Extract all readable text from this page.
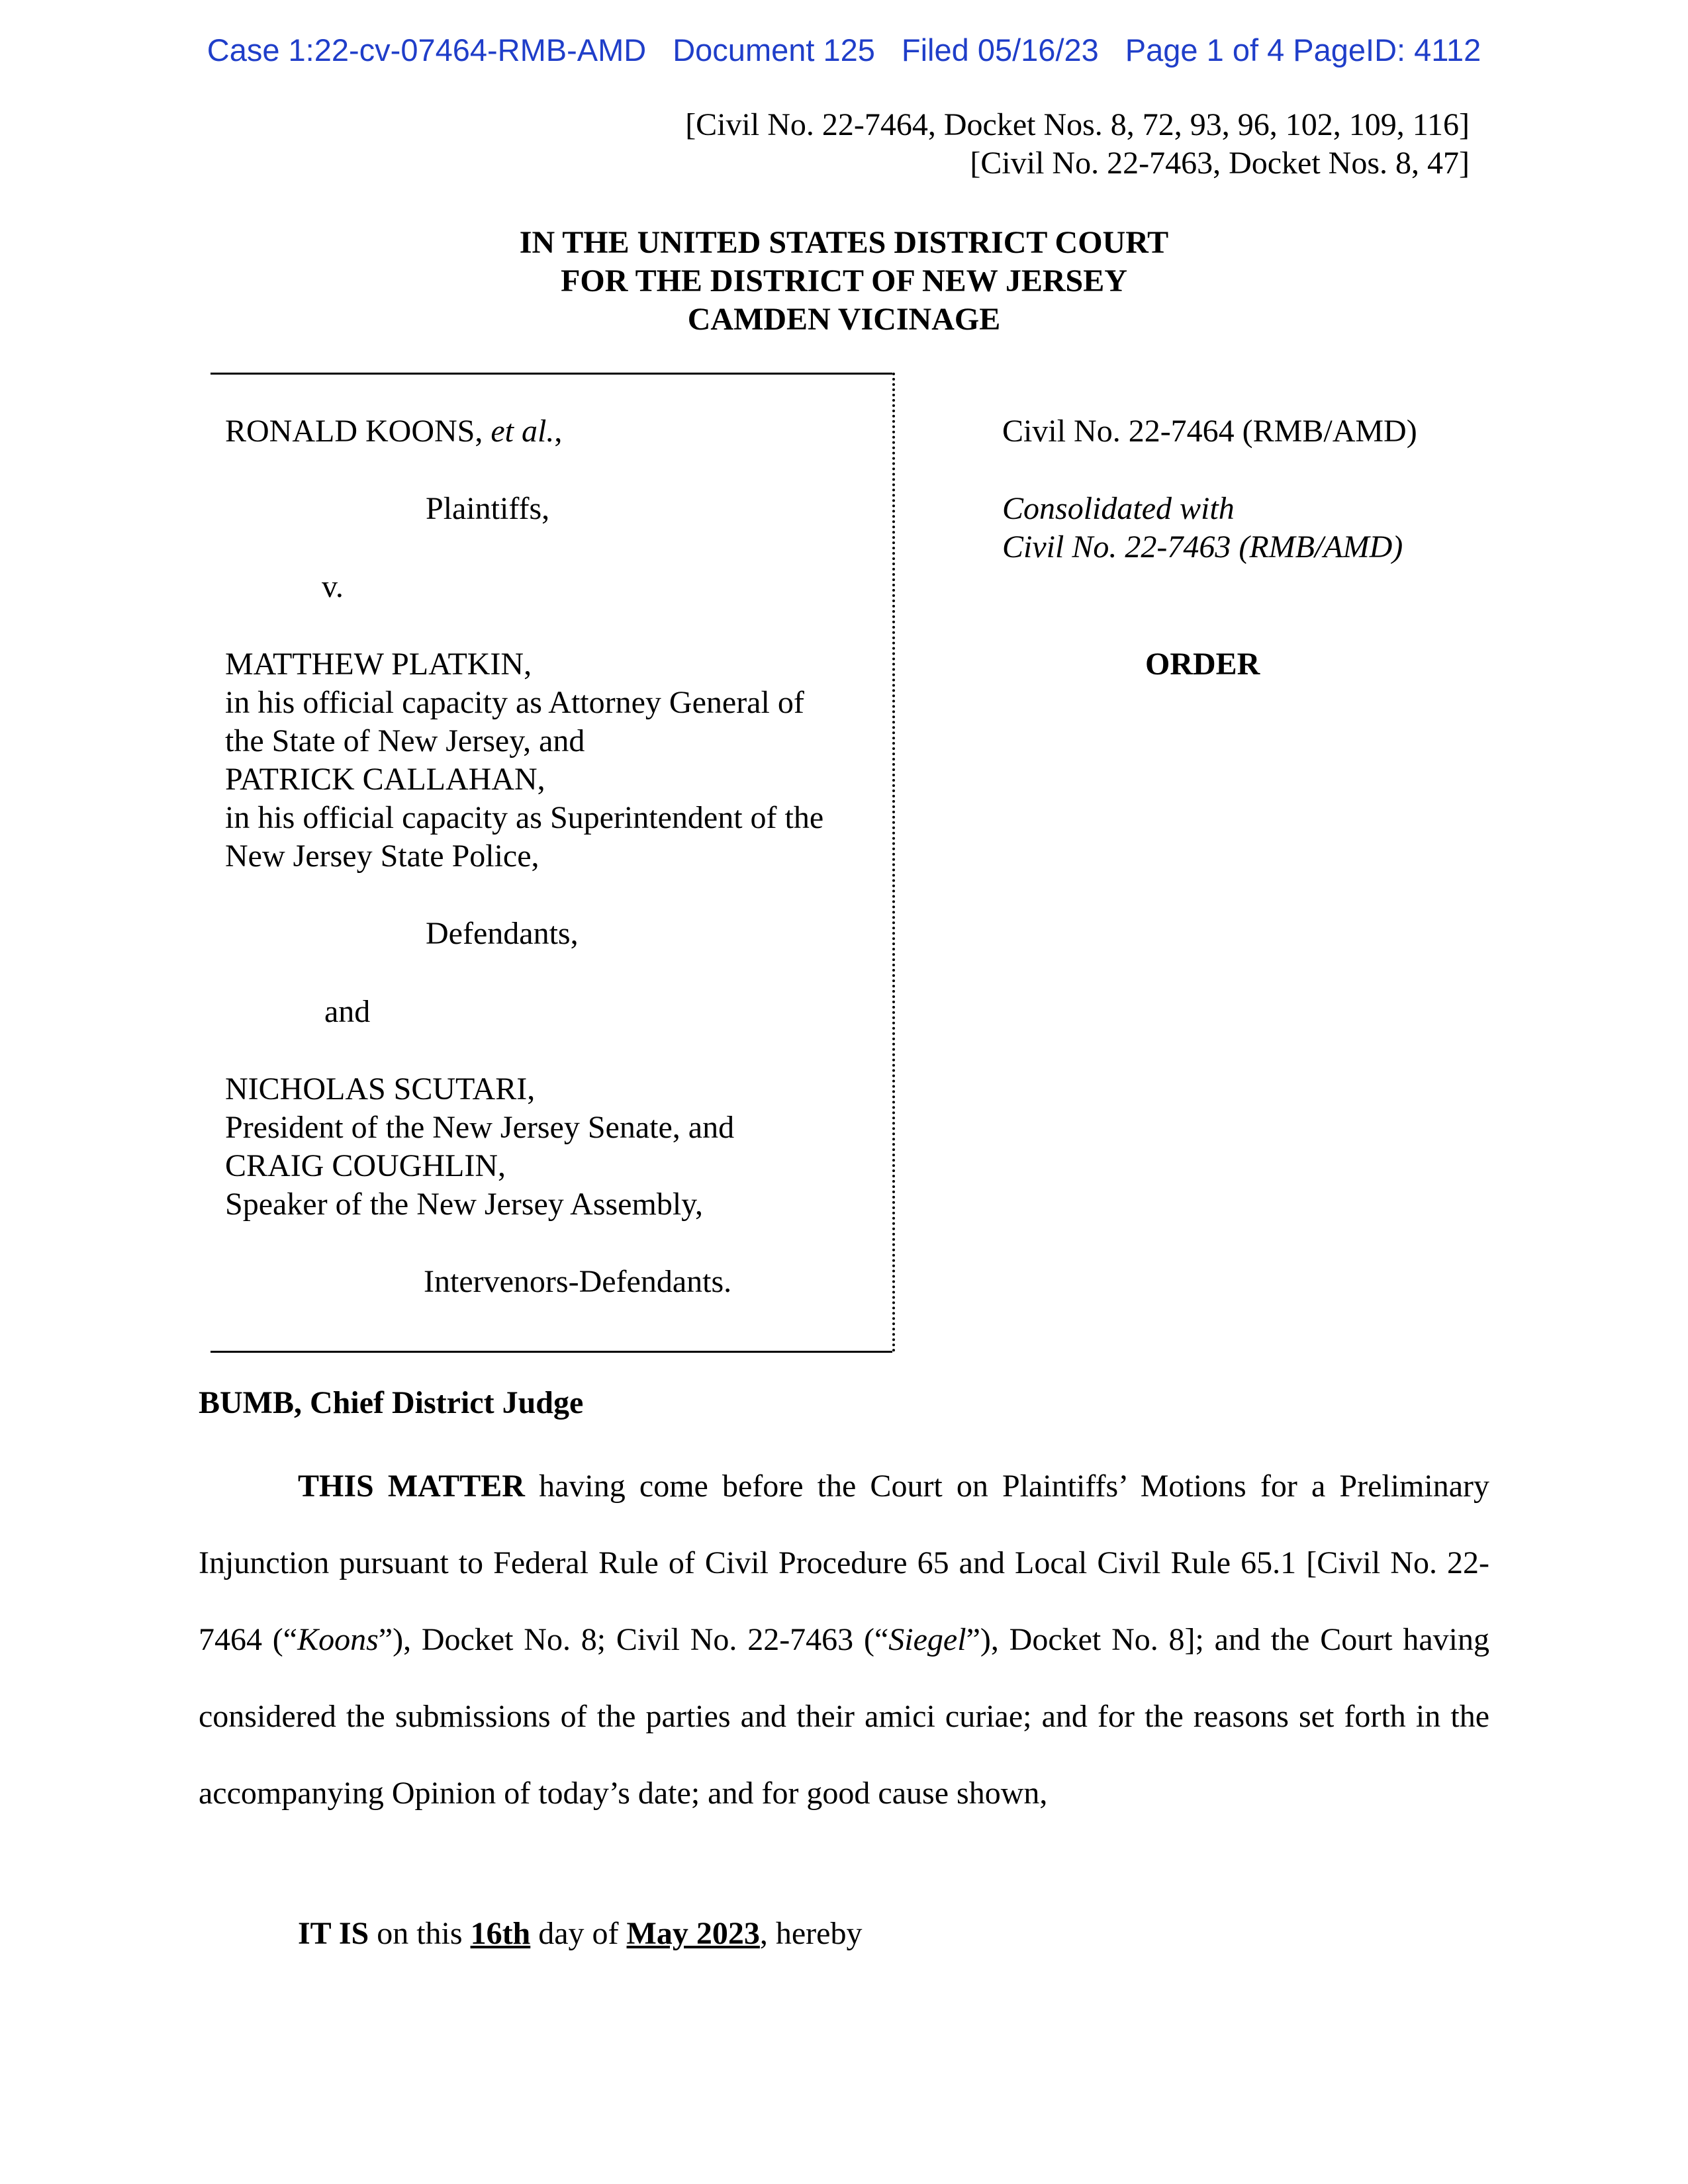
Case 1:22-cv-07464-RMB-AMD Document 125 Filed 05/16/23 Page 1 of 4 PageID: 4112
[Civil No. 22-7464, Docket Nos. 8, 72, 93, 96, 102, 109, 116]
[Civil No. 22-7463, Docket Nos. 8, 47]
IN THE UNITED STATES DISTRICT COURT
FOR THE DISTRICT OF NEW JERSEY
CAMDEN VICINAGE
RONALD KOONS, et al.,
Plaintiffs,
v.
MATTHEW PLATKIN,
in his official capacity as Attorney General of
the State of New Jersey, and
PATRICK CALLAHAN,
in his official capacity as Superintendent of the
New Jersey State Police,
Defendants,
and
NICHOLAS SCUTARI,
President of the New Jersey Senate, and
CRAIG COUGHLIN,
Speaker of the New Jersey Assembly,
Intervenors-Defendants.
Civil No. 22-7464 (RMB/AMD)
Consolidated with
Civil No. 22-7463 (RMB/AMD)
ORDER
BUMB, Chief District Judge
THIS MATTER having come before the Court on Plaintiffs’ Motions for a Preliminary Injunction pursuant to Federal Rule of Civil Procedure 65 and Local Civil Rule 65.1 [Civil No. 22-7464 (“Koons”), Docket No. 8; Civil No. 22-7463 (“Siegel”), Docket No. 8]; and the Court having considered the submissions of the parties and their amici curiae; and for the reasons set forth in the accompanying Opinion of today’s date; and for good cause shown,
IT IS on this 16th day of May 2023, hereby
